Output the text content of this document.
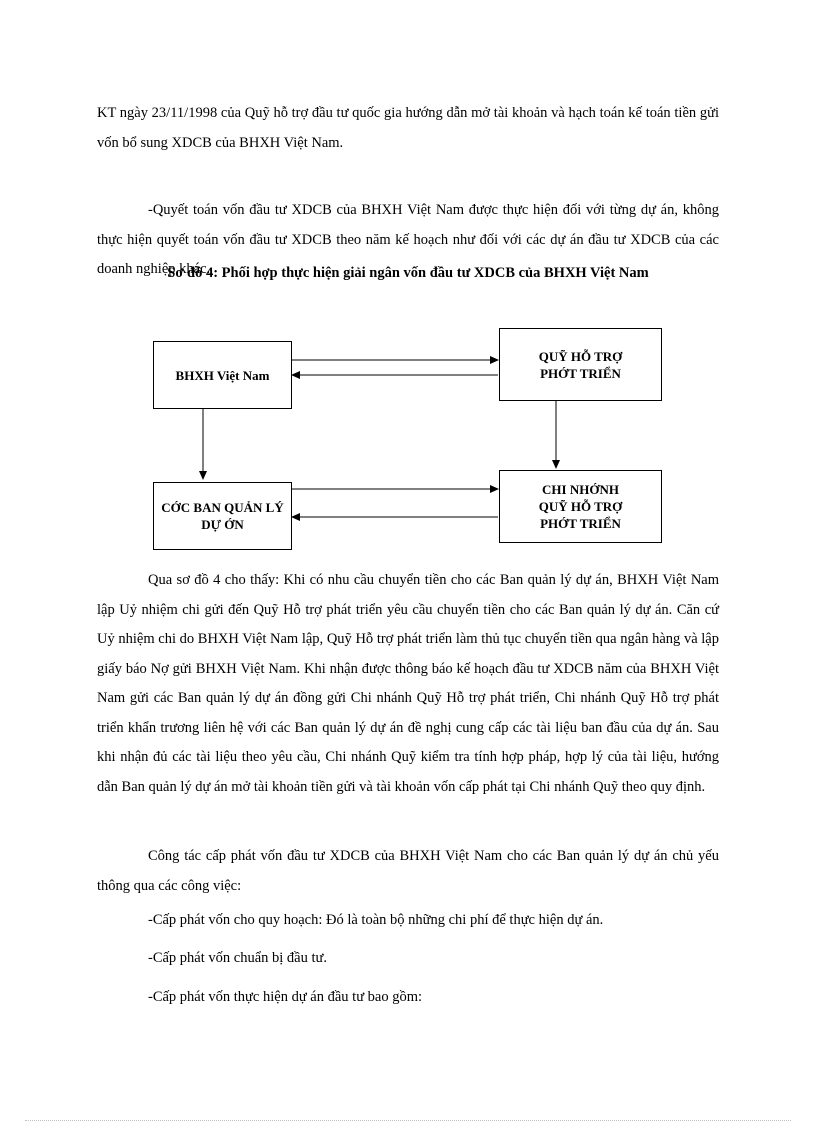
KT ngày 23/11/1998 của Quỹ hỗ trợ đầu tư quốc gia hướng dẫn mở tài khoản và hạch toán kế toán tiền gửi vốn bổ sung XDCB của BHXH Việt Nam.

-Quyết toán vốn đầu tư XDCB của BHXH Việt Nam được thực hiện đối với từng dự án, không thực hiện quyết toán vốn đầu tư XDCB theo năm kế hoạch như đối với các dự án đầu tư XDCB của các doanh nghiệp khác.

Sơ đồ 4: Phối hợp thực hiện giải ngân vốn đầu tư XDCB của BHXH Việt Nam
BHXH Việt Nam
QUỸ HỖ TRỢ
PHỚT TRIỂN
CỚC BAN QUẢN LÝ
DỰ ỚN
CHI NHỚNH
QUỸ HỖ TRỢ
PHỚT TRIỂN

Qua sơ đồ 4 cho thấy: Khi có nhu cầu chuyển tiền cho các Ban quản lý dự án, BHXH Việt Nam lập Uỷ nhiệm chi gửi đến Quỹ Hỗ trợ phát triển yêu cầu chuyển tiền cho các Ban quản lý dự án. Căn cứ Uỷ nhiệm chi do BHXH Việt Nam lập, Quỹ Hỗ trợ phát triển làm thủ tục chuyển tiền qua ngân hàng và lập giấy báo Nợ gửi BHXH Việt Nam. Khi nhận được thông báo kế hoạch đầu tư XDCB năm của BHXH Việt Nam gửi các Ban quản lý dự án đồng gửi Chi nhánh Quỹ Hỗ trợ phát triển, Chi nhánh Quỹ Hỗ trợ phát triển khẩn trương liên hệ với các Ban quản lý dự án đề nghị cung cấp các tài liệu ban đầu của dự án. Sau khi nhận đủ các tài liệu theo yêu cầu, Chi nhánh Quỹ kiểm tra tính hợp pháp, hợp lý của tài liệu, hướng dẫn Ban quản lý dự án mở tài khoản tiền gửi và tài khoản vốn cấp phát tại Chi nhánh Quỹ theo quy định.

Công tác cấp phát vốn đầu tư XDCB của BHXH Việt Nam cho các Ban quản lý dự án chủ yếu thông qua các công việc:

-Cấp phát vốn cho quy hoạch: Đó là toàn bộ những chi phí để thực hiện dự án.

-Cấp phát vốn chuẩn bị đầu tư.

-Cấp phát vốn thực hiện dự án đầu tư bao gồm:
